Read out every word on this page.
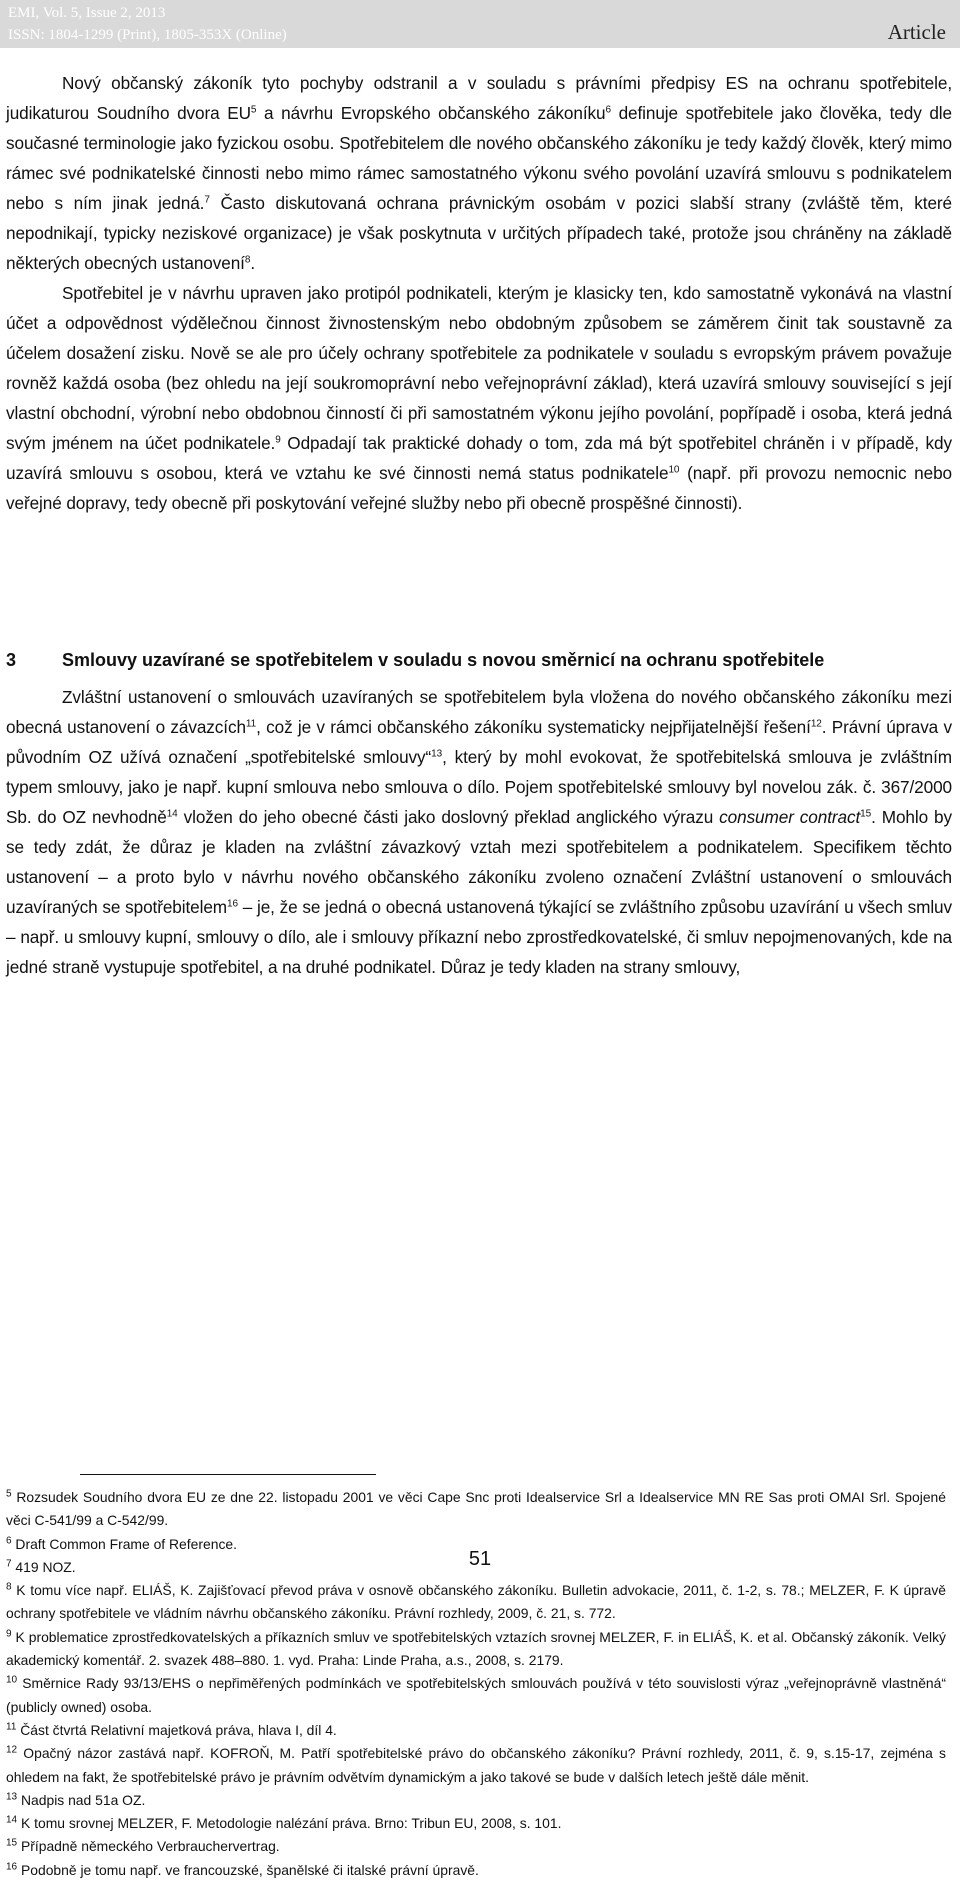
EMI, Vol. 5, Issue 2, 2013
ISSN: 1804-1299 (Print), 1805-353X (Online)	Article

Nový občanský zákoník tyto pochyby odstranil a v souladu s právními předpisy ES na ochranu spotřebitele, judikaturou Soudního dvora $EU^5$ a návrhu Evropského občanského zákoníku$^6$ definuje spotřebitele jako člověka, tedy dle současné terminologie jako fyzickou osobu. Spotřebitelem dle nového občanského zákoníku je tedy každý člověk, který mimo rámec své podnikatelské činnosti nebo mimo rámec samostatného výkonu svého povolání uzavírá smlouvu s podnikatelem nebo s ním jinak jedná.$^7$ Často diskutovaná ochrana právnickým osobám v pozici slabší strany (zvláště těm, které nepodnikají, typicky neziskové organizace) je však poskytnuta v určitých případech také, protože jsou chráněny na základě některých obecných ustanovení$^8$.

Spotřebitel je v návrhu upraven jako protipól podnikateli, kterým je klasicky ten, kdo samostatně vykonává na vlastní účet a odpovědnost výdělečnou činnost živnostenským nebo obdobným způsobem se záměrem činit tak soustavně za účelem dosažení zisku. Nově se ale pro účely ochrany spotřebitele za podnikatele v souladu s evropským právem považuje rovněž každá osoba (bez ohledu na její soukromoprávní nebo veřejnoprávní základ), která uzavírá smlouvy související s její vlastní obchodní, výrobní nebo obdobnou činností či při samostatném výkonu jejího povolání, popřípadě i osoba, která jedná svým jménem na účet podnikatele.$^9$ Odpadají tak praktické dohady o tom, zda má být spotřebitel chráněn i v případě, kdy uzavírá smlouvu s osobou, která ve vztahu ke své činnosti nemá status podnikatele$^{10}$ (např. při provozu nemocnic nebo veřejné dopravy, tedy obecně při poskytování veřejné služby nebo při obecně prospěšné činnosti).

3	Smlouvy uzavírané se spotřebitelem v souladu s novou směrnicí na ochranu spotřebitele

Zvláštní ustanovení o smlouvách uzavíraných se spotřebitelem byla vložena do nového občanského zákoníku mezi obecná ustanovení o závazcích$^{11}$, což je v rámci občanského zákoníku systematicky nejpřijatelnější řešení$^{12}$. Právní úprava v původním OZ užívá označení „spotřebitelské smlouvy“$^{13}$, který by mohl evokovat, že spotřebitelská smlouva je zvláštním typem smlouvy, jako je např. kupní smlouva nebo smlouva o dílo. Pojem spotřebitelské smlouvy byl novelou zák. č. 367/2000 Sb. do OZ nevhodně$^{14}$ vložen do jeho obecné části jako doslovný překlad anglického výrazu consumer contract$^{15}$. Mohlo by se tedy zdát, že důraz je kladen na zvláštní závazkový vztah mezi spotřebitelem a podnikatelem. Specifikem těchto ustanovení – a proto bylo v návrhu nového občanského zákoníku zvoleno označení Zvláštní ustanovení o smlouvách uzavíraných se spotřebitelem$^{16}$ – je, že se jedná o obecná ustanovená týkající se zvláštního způsobu uzavírání u všech smluv – např. u smlouvy kupní, smlouvy o dílo, ale i smlouvy příkazní nebo zprostředkovatelské, či smluv nepojmenovaných, kde na jedné straně vystupuje spotřebitel, a na druhé podnikatel. Důraz je tedy kladen na strany smlouvy,

$^5$ Rozsudek Soudního dvora EU ze dne 22. listopadu 2001 ve věci Cape Snc proti Idealservice Srl a Idealservice MN RE Sas proti OMAI Srl. Spojené věci C-541/99 a C-542/99.

$^6$ Draft Common Frame of Reference.

$^7$ 419 NOZ.

$^8$ K tomu více např. ELIÁŠ, K. Zajišťovací převod práva v osnově občanského zákoníku. Bulletin advokacie, 2011, č. 1-2, s. 78.; MELZER, F. K úpravě ochrany spotřebitele ve vládním návrhu občanského zákoníku. Právní rozhledy, 2009, č. 21, s. 772.

$^9$ K problematice zprostředkovatelských a příkazních smluv ve spotřebitelských vztazích srovnej MELZER, F. in ELIÁŠ, K. et al. Občanský zákoník. Velký akademický komentář. 2. svazek 488–880. 1. vyd. Praha: Linde Praha, a.s., 2008, s. 2179.

$^{10}$ Směrnice Rady 93/13/EHS o nepřiměřených podmínkách ve spotřebitelských smlouvách používá v této souvislosti výraz „veřejnoprávně vlastněná“ (publicly owned) osoba.

$^{11}$ Část čtvrtá Relativní majetková práva, hlava I, díl 4.

$^{12}$ Opačný názor zastává např. KOFROŇ, M. Patří spotřebitelské právo do občanského zákoníku? Právní rozhledy, 2011, č. 9, s.15-17, zejména s ohledem na fakt, že spotřebitelské právo je právním odvětvím dynamickým a jako takové se bude v dalších letech ještě dále měnit.

$^{13}$ Nadpis nad 51a OZ.

$^{14}$ K tomu srovnej MELZER, F. Metodologie nalézání práva. Brno: Tribun EU, 2008, s. 101.

$^{15}$ Případně německého Verbrauchervertrag.

$^{16}$ Podobně je tomu např. ve francouzské, španělské či italské právní úpravě.

51
